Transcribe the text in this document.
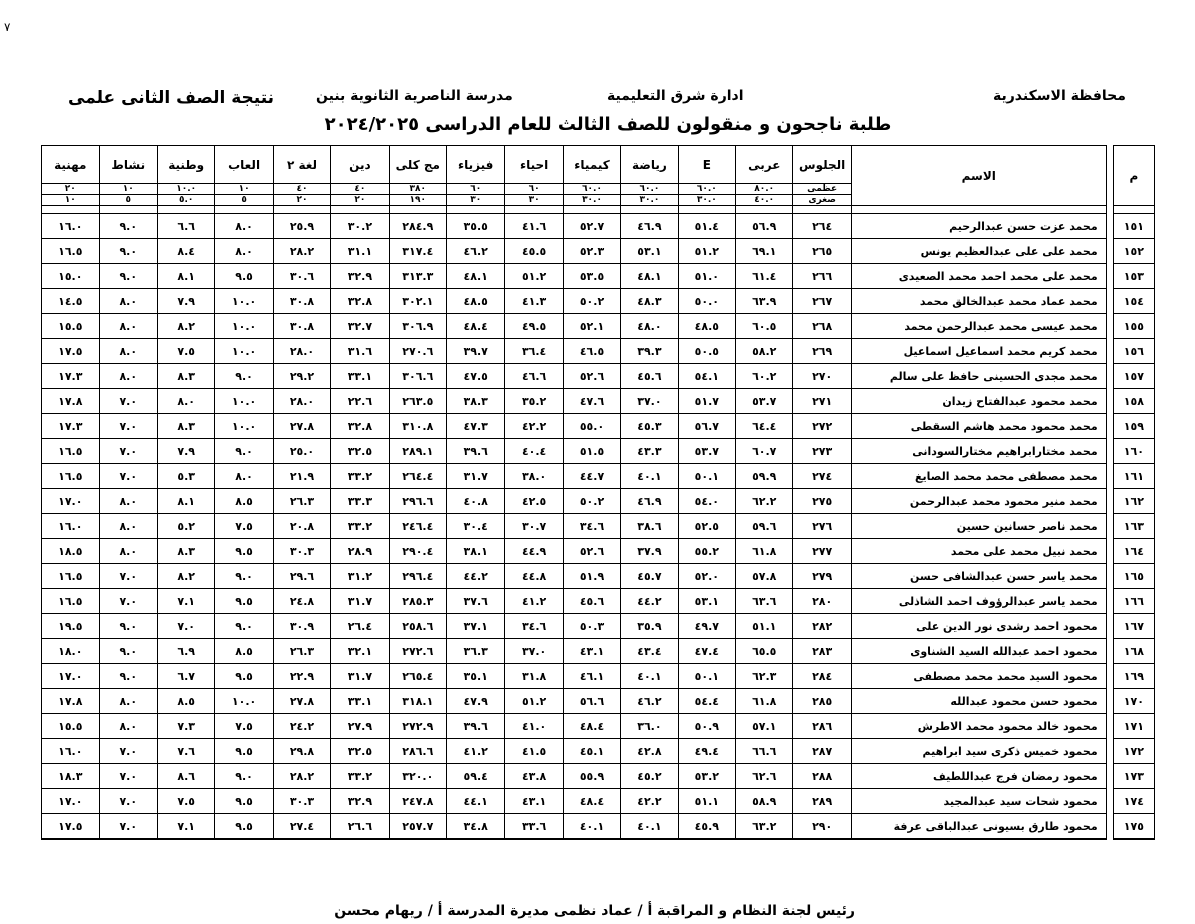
٧
محافظة الاسكندرية
ادارة شرق التعليمية
مدرسة الناصرية الثانوية بنين
نتيجة الصف الثانى علمى
طلبة ناجحون و منقولون للصف الثالث للعام الدراسى ٢٠٢٤/٢٠٢٥
م		الاسم	الجلوس	عربى	E	رياضة	كيمياء	احياء	فيزياء	مج كلى	دين	لغة ٢	العاب	وطنية	نشاط	مهنية
			عظمى	٨٠.٠	٦٠.٠	٦٠.٠	٦٠.٠	٦٠	٦٠	٣٨٠	٤٠	٤٠	١٠	١٠.٠	١٠	٢٠
			صغرى	٤٠.٠	٣٠.٠	٣٠.٠	٣٠.٠	٣٠	٣٠	١٩٠	٢٠	٢٠	٥	٥.٠	٥	١٠

١٥١		محمد عزت حسن عبدالرحيم	٢٦٤	٥٦.٩	٥١.٤	٤٦.٩	٥٢.٧	٤١.٦	٣٥.٥	٢٨٤.٩	٣٠.٢	٢٥.٩	٨.٠	٦.٦	٩.٠	١٦.٠
١٥٢		محمد على على عبدالعظيم يونس	٢٦٥	٦٩.١	٥١.٢	٥٣.١	٥٢.٣	٤٥.٥	٤٦.٢	٣١٧.٤	٣١.١	٢٨.٢	٨.٠	٨.٤	٩.٠	١٦.٥
١٥٣		محمد على محمد احمد محمد الصعيدى	٢٦٦	٦١.٤	٥١.٠	٤٨.١	٥٣.٥	٥١.٢	٤٨.١	٣١٣.٣	٣٢.٩	٣٠.٦	٩.٥	٨.١	٩.٠	١٥.٠
١٥٤		محمد عماد محمد عبدالخالق محمد	٢٦٧	٦٣.٩	٥٠.٠	٤٨.٣	٥٠.٢	٤١.٣	٤٨.٥	٣٠٢.١	٣٢.٨	٣٠.٨	١٠.٠	٧.٩	٨.٠	١٤.٥
١٥٥		محمد عيسى محمد عبدالرحمن محمد	٢٦٨	٦٠.٥	٤٨.٥	٤٨.٠	٥٢.١	٤٩.٥	٤٨.٤	٣٠٦.٩	٣٢.٧	٣٠.٨	١٠.٠	٨.٢	٨.٠	١٥.٥
١٥٦		محمد كريم محمد اسماعيل اسماعيل	٢٦٩	٥٨.٢	٥٠.٥	٣٩.٣	٤٦.٥	٣٦.٤	٣٩.٧	٢٧٠.٦	٣١.٦	٢٨.٠	١٠.٠	٧.٥	٨.٠	١٧.٥
١٥٧		محمد مجدى الحسينى حافظ على سالم	٢٧٠	٦٠.٢	٥٤.١	٤٥.٦	٥٢.٦	٤٦.٦	٤٧.٥	٣٠٦.٦	٣٣.١	٢٩.٢	٩.٠	٨.٣	٨.٠	١٧.٣
١٥٨		محمد محمود عبدالفتاح زيدان	٢٧١	٥٣.٧	٥١.٧	٣٧.٠	٤٧.٦	٣٥.٢	٣٨.٣	٢٦٣.٥	٢٢.٦	٢٨.٠	١٠.٠	٨.٠	٧.٠	١٧.٨
١٥٩		محمد محمود محمد هاشم السقطى	٢٧٢	٦٤.٤	٥٦.٧	٤٥.٣	٥٥.٠	٤٢.٢	٤٧.٣	٣١٠.٨	٣٢.٨	٢٧.٨	١٠.٠	٨.٣	٧.٠	١٧.٣
١٦٠		محمد مختارابراهيم مختارالسودانى	٢٧٣	٦٠.٧	٥٣.٧	٤٣.٣	٥١.٥	٤٠.٤	٣٩.٦	٢٨٩.١	٣٢.٥	٢٥.٠	٩.٠	٧.٩	٧.٠	١٦.٥
١٦١		محمد مصطفى محمد محمد الصايغ	٢٧٤	٥٩.٩	٥٠.١	٤٠.١	٤٤.٧	٣٨.٠	٣١.٧	٢٦٤.٤	٣٣.٢	٢١.٩	٨.٠	٥.٣	٧.٠	١٦.٥
١٦٢		محمد منير محمود محمد عبدالرحمن	٢٧٥	٦٢.٢	٥٤.٠	٤٦.٩	٥٠.٢	٤٢.٥	٤٠.٨	٢٩٦.٦	٣٣.٣	٢٦.٣	٨.٥	٨.١	٨.٠	١٧.٠
١٦٣		محمد ناصر حسانين حسين	٢٧٦	٥٩.٦	٥٢.٥	٣٨.٦	٣٤.٦	٣٠.٧	٣٠.٤	٢٤٦.٤	٣٣.٢	٢٠.٨	٧.٥	٥.٢	٨.٠	١٦.٠
١٦٤		محمد نبيل محمد على محمد	٢٧٧	٦١.٨	٥٥.٢	٣٧.٩	٥٢.٦	٤٤.٩	٣٨.١	٢٩٠.٤	٢٨.٩	٣٠.٣	٩.٥	٨.٣	٨.٠	١٨.٥
١٦٥		محمد ياسر حسن عبدالشافى حسن	٢٧٩	٥٧.٨	٥٢.٠	٤٥.٧	٥١.٩	٤٤.٨	٤٤.٢	٢٩٦.٤	٣١.٢	٢٩.٦	٩.٠	٨.٢	٧.٠	١٦.٥
١٦٦		محمد ياسر عبدالرؤوف احمد الشاذلى	٢٨٠	٦٣.٦	٥٣.١	٤٤.٢	٤٥.٦	٤١.٢	٣٧.٦	٢٨٥.٣	٣١.٧	٢٤.٨	٩.٥	٧.١	٧.٠	١٦.٥
١٦٧		محمود احمد رشدى نور الدين على	٢٨٢	٥١.١	٤٩.٧	٣٥.٩	٥٠.٣	٣٤.٦	٣٧.١	٢٥٨.٦	٢٦.٤	٣٠.٩	٩.٠	٧.٠	٩.٠	١٩.٥
١٦٨		محمود احمد عبدالله السيد الشناوى	٢٨٣	٦٥.٥	٤٧.٤	٤٣.٤	٤٣.١	٣٧.٠	٣٦.٣	٢٧٢.٦	٣٢.١	٢٦.٣	٨.٥	٦.٩	٩.٠	١٨.٠
١٦٩		محمود السيد محمد محمد مصطفى	٢٨٤	٦٢.٣	٥٠.١	٤٠.١	٤٦.١	٣١.٨	٣٥.١	٢٦٥.٤	٣١.٧	٢٢.٩	٩.٥	٦.٧	٩.٠	١٧.٠
١٧٠		محمود حسن محمود عبدالله	٢٨٥	٦١.٨	٥٤.٤	٤٦.٢	٥٦.٦	٥١.٢	٤٧.٩	٣١٨.١	٣٣.١	٢٧.٨	١٠.٠	٨.٥	٨.٠	١٧.٨
١٧١		محمود خالد محمود محمد الاطرش	٢٨٦	٥٧.١	٥٠.٩	٣٦.٠	٤٨.٤	٤١.٠	٣٩.٦	٢٧٢.٩	٢٧.٩	٢٤.٢	٧.٥	٧.٣	٨.٠	١٥.٥
١٧٢		محمود خميس ذكرى سيد ابراهيم	٢٨٧	٦٦.٦	٤٩.٤	٤٢.٨	٤٥.١	٤١.٥	٤١.٢	٢٨٦.٦	٣٢.٥	٢٩.٨	٩.٥	٧.٦	٧.٠	١٦.٠
١٧٣		محمود رمضان فرج عبداللطيف	٢٨٨	٦٢.٦	٥٣.٢	٤٥.٢	٥٥.٩	٤٣.٨	٥٩.٤	٣٢٠.٠	٣٣.٢	٢٨.٢	٩.٠	٨.٦	٧.٠	١٨.٣
١٧٤		محمود شحات سيد عبدالمجيد	٢٨٩	٥٨.٩	٥١.١	٤٢.٢	٤٨.٤	٤٣.١	٤٤.١	٢٤٧.٨	٣٢.٩	٣٠.٣	٩.٥	٧.٥	٧.٠	١٧.٠
١٧٥		محمود طارق بسيونى عبدالباقى عرفة	٢٩٠	٦٣.٢	٤٥.٩	٤٠.١	٤٠.١	٣٣.٦	٣٤.٨	٢٥٧.٧	٢٦.٦	٢٧.٤	٩.٥	٧.١	٧.٠	١٧.٥

رئيس لجنة النظام و المراقبة أ / عماد نظمى مديرة المدرسة أ / ريهام محسن
